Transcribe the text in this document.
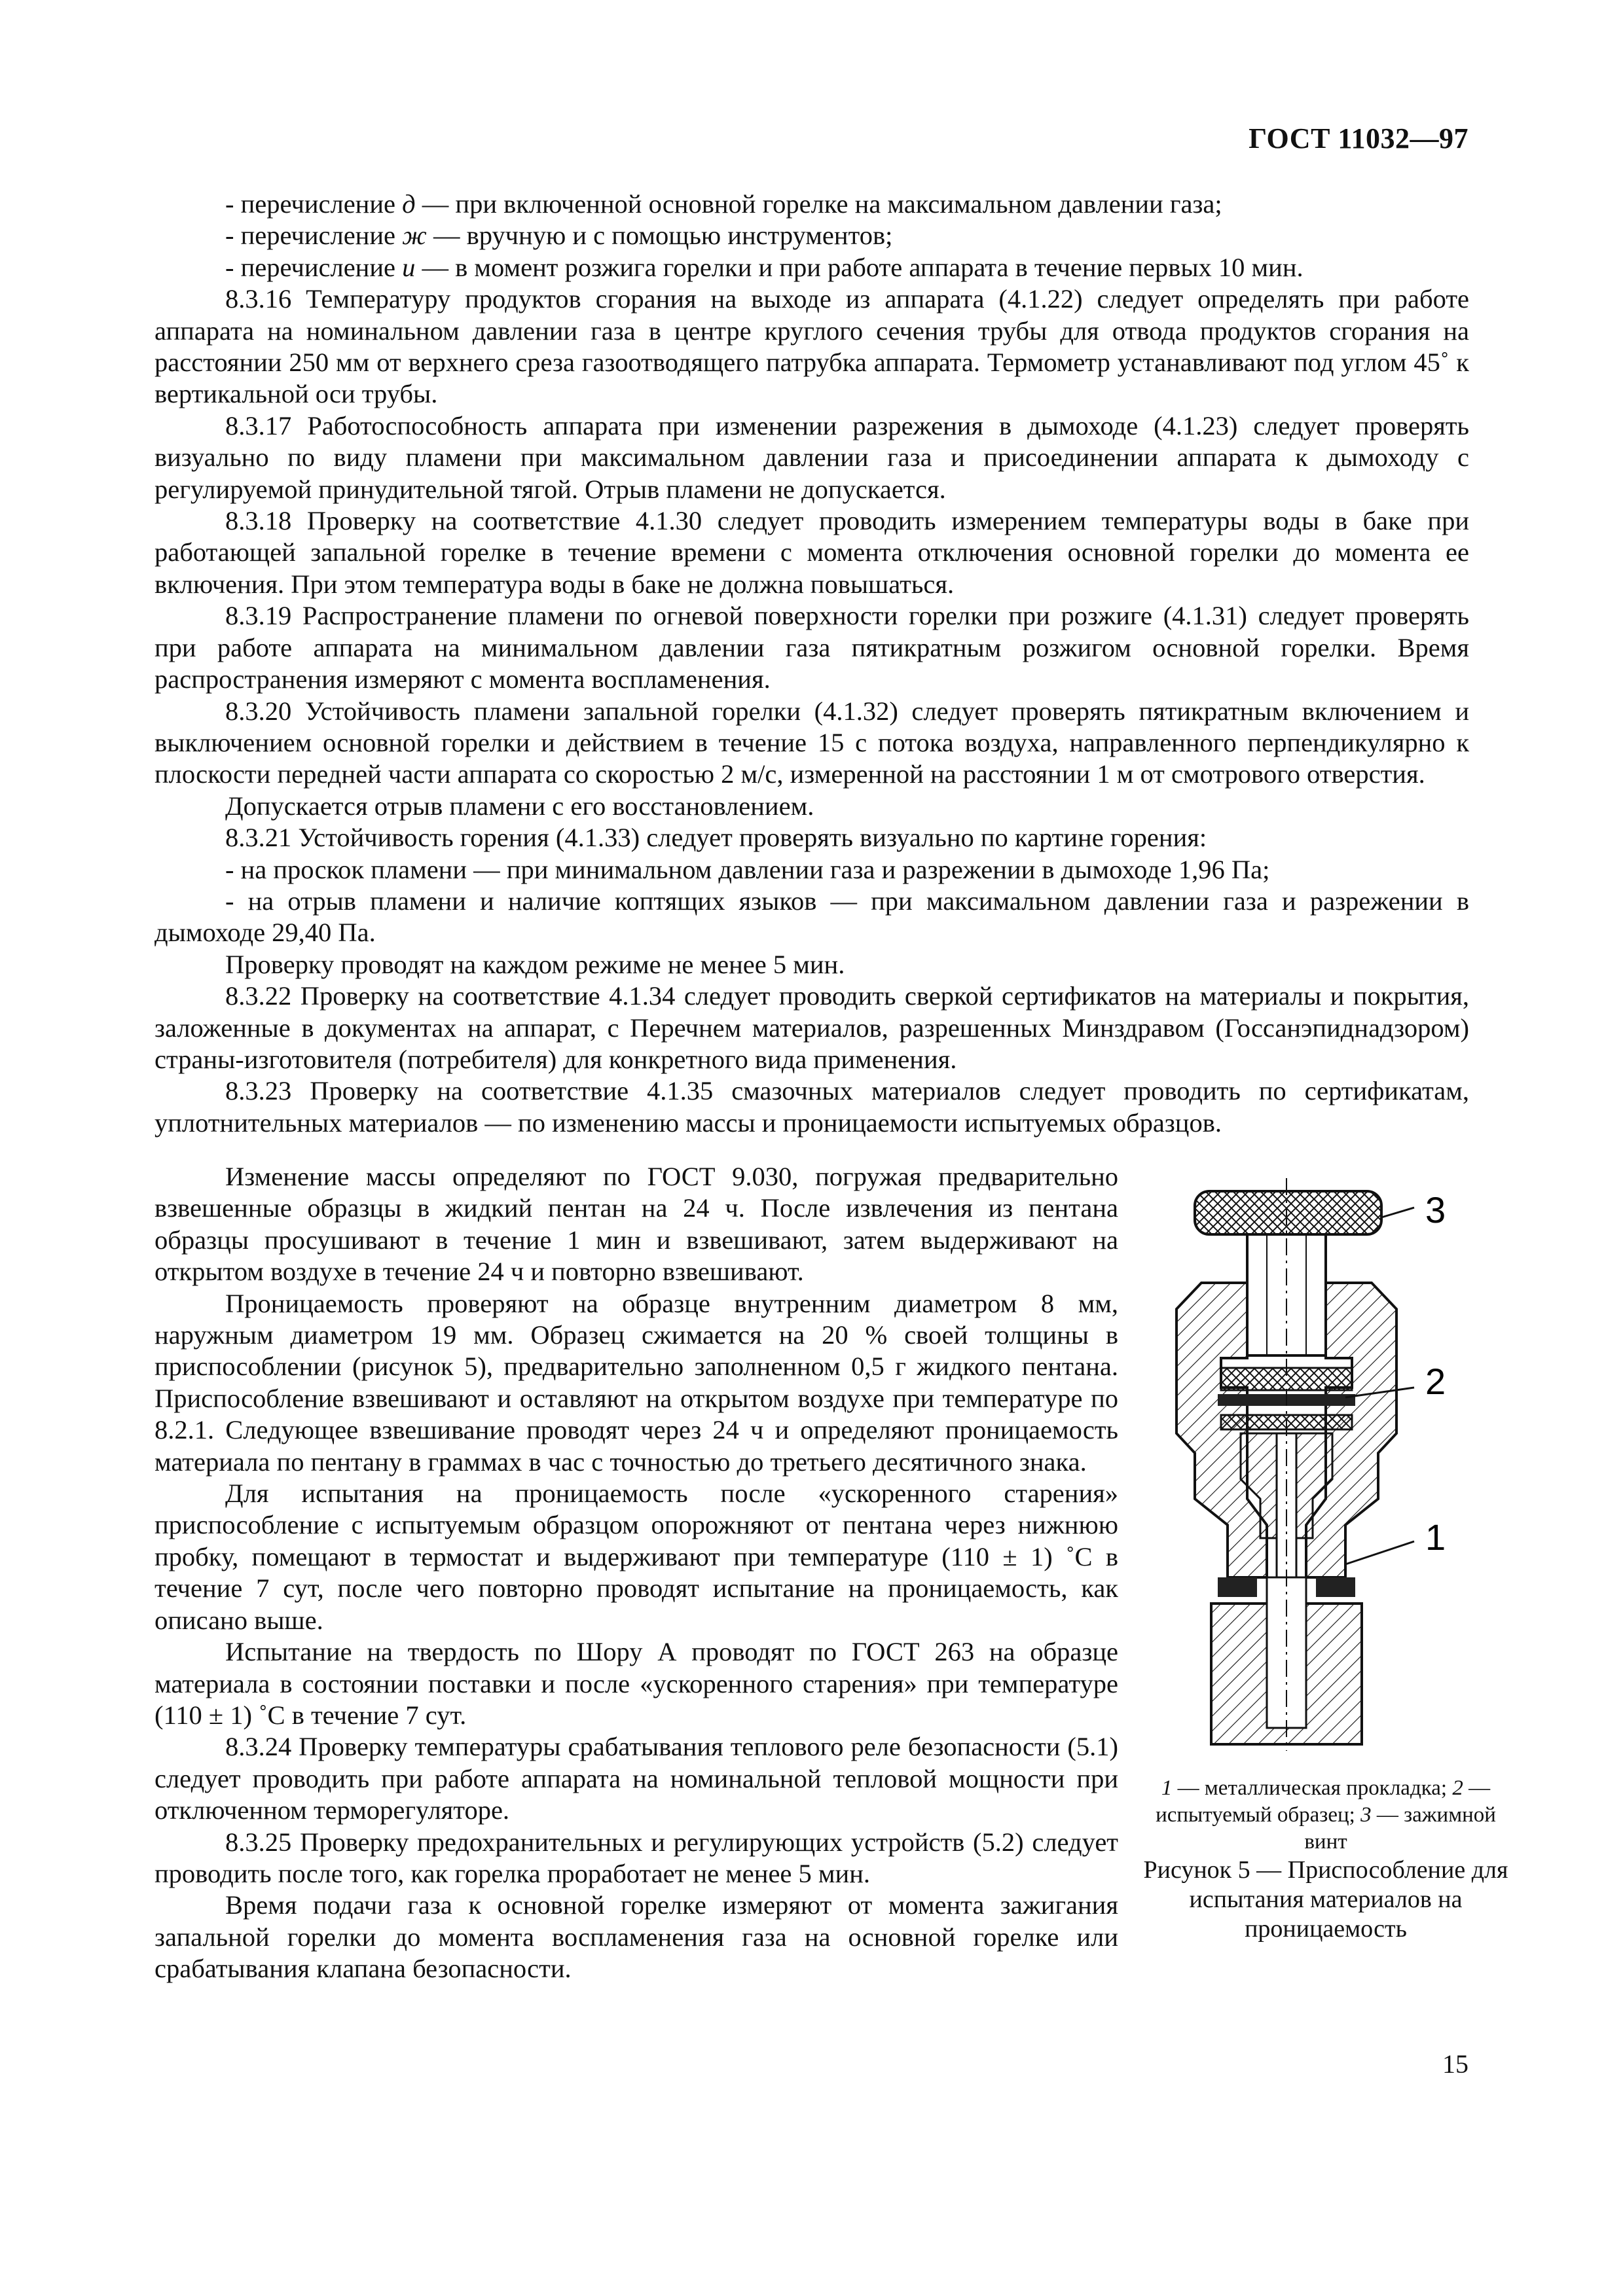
ГОСТ 11032—97

- перечисление д — при включенной основной горелке на максимальном давлении газа;

- перечисление ж — вручную и с помощью инструментов;

- перечисление и — в момент розжига горелки и при работе аппарата в течение первых 10 мин.

8.3.16 Температуру продуктов сгорания на выходе из аппарата (4.1.22) следует определять при работе аппарата на номинальном давлении газа в центре круглого сечения трубы для отвода продуктов сгорания на расстоянии 250 мм от верхнего среза газоотводящего патрубка аппарата. Термометр устанавливают под углом 45˚ к вертикальной оси трубы.

8.3.17 Работоспособность аппарата при изменении разрежения в дымоходе (4.1.23) следует проверять визуально по виду пламени при максимальном давлении газа и присоединении аппарата к дымоходу с регулируемой принудительной тягой. Отрыв пламени не допускается.

8.3.18 Проверку на соответствие 4.1.30 следует проводить измерением температуры воды в баке при работающей запальной горелке в течение времени с момента отключения основной горелки до момента ее включения. При этом температура воды в баке не должна повышаться.

8.3.19 Распространение пламени по огневой поверхности горелки при розжиге (4.1.31) следует проверять при работе аппарата на минимальном давлении газа пятикратным розжигом основной горелки. Время распространения измеряют с момента воспламенения.

8.3.20 Устойчивость пламени запальной горелки (4.1.32) следует проверять пятикратным включением и выключением основной горелки и действием в течение 15 с потока воздуха, направленного перпендикулярно к плоскости передней части аппарата со скоростью 2 м/с, измеренной на расстоянии 1 м от смотрового отверстия.

Допускается отрыв пламени с его восстановлением.

8.3.21 Устойчивость горения (4.1.33) следует проверять визуально по картине горения:

- на проскок пламени — при минимальном давлении газа и разрежении в дымоходе 1,96 Па;

- на отрыв пламени и наличие коптящих языков — при максимальном давлении газа и разрежении в дымоходе 29,40 Па.

Проверку проводят на каждом режиме не менее 5 мин.

8.3.22 Проверку на соответствие 4.1.34 следует проводить сверкой сертификатов на материалы и покрытия, заложенные в документах на аппарат, с Перечнем материалов, разрешенных Минздравом (Госсанэпиднадзором) страны-изготовителя (потребителя) для конкретного вида применения.

8.3.23 Проверку на соответствие 4.1.35 смазочных материалов следует проводить по сертификатам, уплотнительных материалов — по изменению массы и проницаемости испытуемых образцов.

Изменение массы определяют по ГОСТ 9.030, погружая предварительно взвешенные образцы в жидкий пентан на 24 ч. После извлечения из пентана образцы просушивают в течение 1 мин и взвешивают, затем выдерживают на открытом воздухе в течение 24 ч и повторно взвешивают.

Проницаемость проверяют на образце внутренним диаметром 8 мм, наружным диаметром 19 мм. Образец сжимается на 20 % своей толщины в приспособлении (рисунок 5), предварительно заполненном 0,5 г жидкого пентана. Приспособление взвешивают и оставляют на открытом воздухе при температуре по 8.2.1. Следующее взвешивание проводят через 24 ч и определяют проницаемость материала по пентану в граммах в час с точностью до третьего десятичного знака.

Для испытания на проницаемость после «ускоренного старения» приспособление с испытуемым образцом опорожняют от пентана через нижнюю пробку, помещают в термостат и выдерживают при температуре (110 ± 1) ˚С в течение 7 сут, после чего повторно проводят испытание на проницаемость, как описано выше.

Испытание на твердость по Шору А проводят по ГОСТ 263 на образце материала в состоянии поставки и после «ускоренного старения» при температуре (110 ± 1) ˚С в течение 7 сут.

8.3.24 Проверку температуры срабатывания теплового реле безопасности (5.1) следует проводить при работе аппарата на номинальной тепловой мощности при отключенном терморегуляторе.

8.3.25 Проверку предохранительных и регулирующих устройств (5.2) следует проводить после того, как горелка проработает не менее 5 мин.

Время подачи газа к основной горелке измеряют от момента зажигания запальной горелки до момента воспламенения газа на основной горелке или срабатывания клапана безопасности.

3
2
1
1 — металлическая прокладка; 2 — испытуемый образец; 3 — зажимной винт
Рисунок 5 — Приспособление для испытания материалов на проницаемость
15
